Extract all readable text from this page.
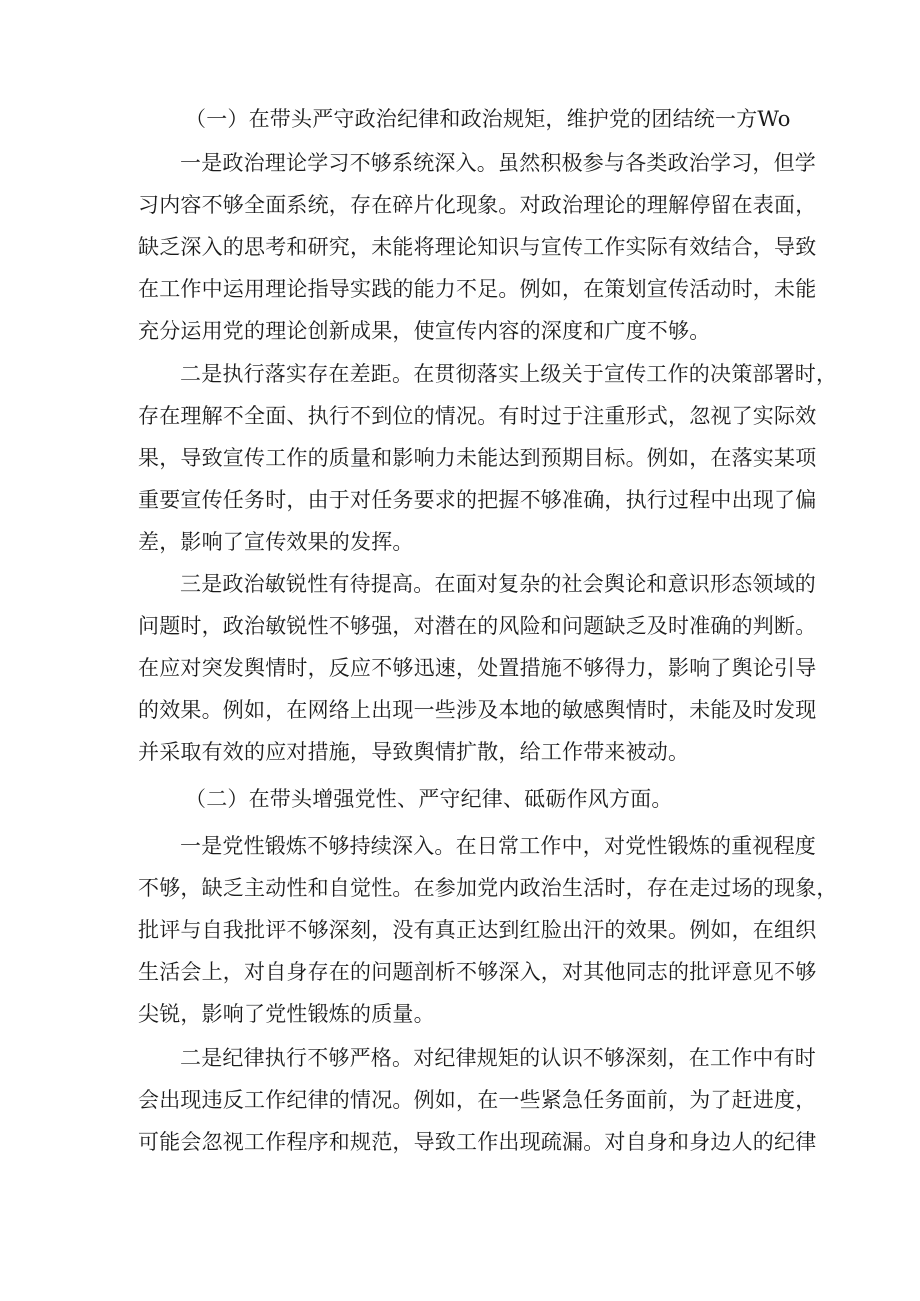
（一）在带头严守政治纪律和政治规矩，维护党的团结统一方Wo
一是政治理论学习不够系统深入。虽然积极参与各类政治学习，但学
习内容不够全面系统，存在碎片化现象。对政治理论的理解停留在表面，
缺乏深入的思考和研究，未能将理论知识与宣传工作实际有效结合，导致
在工作中运用理论指导实践的能力不足。例如，在策划宣传活动时，未能
充分运用党的理论创新成果，使宣传内容的深度和广度不够。
二是执行落实存在差距。在贯彻落实上级关于宣传工作的决策部署时，
存在理解不全面、执行不到位的情况。有时过于注重形式，忽视了实际效
果，导致宣传工作的质量和影响力未能达到预期目标。例如，在落实某项
重要宣传任务时，由于对任务要求的把握不够准确，执行过程中出现了偏
差，影响了宣传效果的发挥。
三是政治敏锐性有待提高。在面对复杂的社会舆论和意识形态领域的
问题时，政治敏锐性不够强，对潜在的风险和问题缺乏及时准确的判断。
在应对突发舆情时，反应不够迅速，处置措施不够得力，影响了舆论引导
的效果。例如，在网络上出现一些涉及本地的敏感舆情时，未能及时发现
并采取有效的应对措施，导致舆情扩散，给工作带来被动。
（二）在带头增强党性、严守纪律、砥砺作风方面。
一是党性锻炼不够持续深入。在日常工作中，对党性锻炼的重视程度
不够，缺乏主动性和自觉性。在参加党内政治生活时，存在走过场的现象，
批评与自我批评不够深刻，没有真正达到红脸出汗的效果。例如，在组织
生活会上，对自身存在的问题剖析不够深入，对其他同志的批评意见不够
尖锐，影响了党性锻炼的质量。
二是纪律执行不够严格。对纪律规矩的认识不够深刻，在工作中有时
会出现违反工作纪律的情况。例如，在一些紧急任务面前，为了赶进度，
可能会忽视工作程序和规范，导致工作出现疏漏。对自身和身边人的纪律
